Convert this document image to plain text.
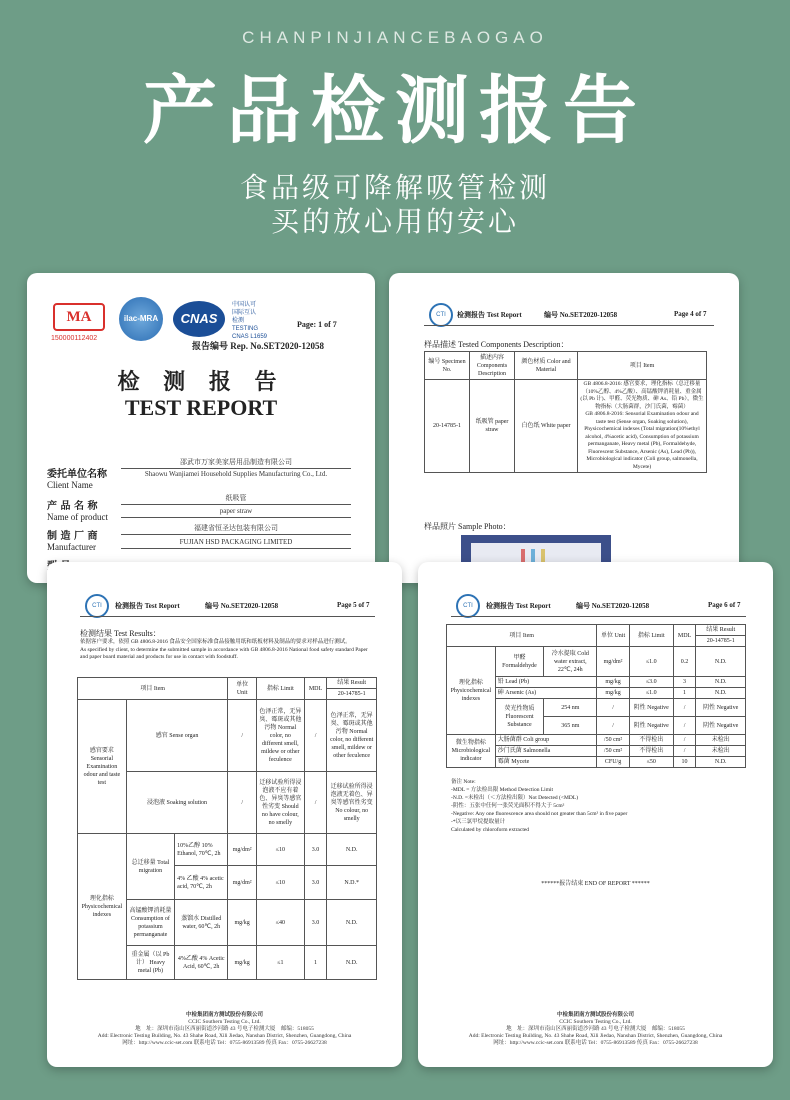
CHANPINJIANCEBAOGAO
产品检测报告
食品级可降解吸管检测
买的放心用的安心
MA
150000112402
ilac-MRA	CNAS
中国认可
国际互认
检测
TESTING
CNAS L1659
Page: 1 of 7
报告编号 Rep. No.SET2020-12058
检 测 报 告
TEST REPORT
委托单位名称
Client Name
邵武市万家美家居用品制造有限公司
Shaowu Wanjiamei Household Supplies Manufacturing Co., Ltd.
产 品 名 称
Name of product
纸吸管
paper straw
制 造 厂 商
Manufacturer
福建省恒圣达包装有限公司
FUJIAN HSD PACKAGING LIMITED
CTI	检测报告 Test Report	编号 No.SET2020-12058	Page 4 of 7
样品描述 Tested Components Description：
编号 Specimen No.	描述内容 Components Description	颜色材质 Color and Material	项目 Item
20-14785-1	纸吸管 paper straw	白色纸 White paper	GB 4806.8-2016: 感官要求，理化指标（总迁移量（10%乙醇、4%乙酸）、高锰酸钾消耗量、重金属(以 Pb 计)、甲醛、荧光物质、砷 As、铅 Pb），微生物指标（大肠菌群，沙门氏菌，霉菌）
GB 4806.8-2016: Sensorial Examination odour and taste test (Sense organ, Soaking solution), Physicochemical indexes (Total migration(10%ethyl alcohol, 4%acetic acid), Consumption of potassium permanganate, Heavy metal (Pb), Formaldehyde, Fluorescent Substance, Arsenic (As), Lead (Pb)), Microbiological indicator (Coli group, salmonella, Mycete)
样品照片 Sample Photo：
CTI	检测报告 Test Report	编号 No.SET2020-12058	Page 5 of 7
检测结果 Test Results：
依据客户要求，依照 GB 4806.8-2016 食品安全国家标准食品接触用纸和纸板材料及制品的要求对样品进行测试。
As specified by client, to determine the submitted sample in accordance with GB 4806.8-2016 National food safety standard Paper and paper board material and products for use in contact with foodstuff.
项目 Item			单位 Unit	指标 Limit	MDL	结果 Result
						20-14785-1
感官要求 Sensorial Examination odour and taste test	感官 Sense organ		/	色泽正常，无异臭、霉斑或其他污物 Normal color, no different smell, mildew or other feculence	/	色泽正常，无异臭、霉斑或其他污物 Normal color, no different smell, mildew or other feculence
	浸泡液 Soaking solution		/	迁移试验所得浸泡液不应有着色、异臭等感官性劣变 Should no have colour, no smelly	/	迁移试验所得浸泡液无着色、异臭等感官性劣变 No colour, no smelly
理化指标 Physicochemical indexes	总迁移量 Total migration	10%乙醇 10% Ethanol, 70℃, 2h	mg/dm²	≤10	3.0	N.D.
		4% 乙酸 4% acetic acid, 70℃, 2h	mg/dm²	≤10	3.0	N.D.*
	高锰酸钾消耗量 Consumption of potassium permanganate	蒸馏水 Distilled water, 60℃, 2h	mg/kg	≤40	3.0	N.D.
	重金属（以 Pb 计） Heavy metal (Pb)	4%乙酸 4% Acetic Acid, 60℃, 2h	mg/kg	≤1	1	N.D.
中检集团南方测试股份有限公司
CCIC Southern Testing Co., Ltd.
地　址：深圳市南山区西丽街道沙河路 43 号电子检测大厦　邮编：518055
Add: Electronic Testing Building, No. 43 Shahe Road, Xili Jiedao, Nanshan District, Shenzhen, Guangdong, China
网址：http://www.ccic-set.com 联系电话 Tel：0755-86913589 传真 Fax：0755-26627238
CTI	检测报告 Test Report	编号 No.SET2020-12058	Page 6 of 7
项目 Item			单位 Unit	指标 Limit	MDL	结果 Result
						20-14785-1
理化指标 Physicochemical indexes	甲醛 Formaldehyde	冷水提取 Cold water extract, 22℃, 24h	mg/dm²	≤1.0	0.2	N.D.
	铅 Lead (Pb)		mg/kg	≤3.0	3	N.D.
	砷 Arsenic (As)		mg/kg	≤1.0	1	N.D.
	荧光性物质 Fluorescent Substance	254 nm	/	阴性 Negative	/	阴性 Negative
		365 nm	/	阴性 Negative	/	阴性 Negative
微生物指标 Microbiological indicator	大肠菌群 Coli group		/50 cm²	不得检出	/	未检出
	沙门氏菌 Salmonella		/50 cm²	不得检出	/	未检出
	霉菌 Mycete		CFU/g	≤50	10	N.D.
备注 Note:
-MDL = 方法检出限 Method Detection Limit
-N.D. =未检出（＜方法检出限）Not Detected (<MDL)
-阴性：五张中任何一张荧光面积不得大于 5cm²
-Negative: Any one fluorescence area should not greater than 5cm² in five paper
-*以三氯甲烷提取量计
Calculated by chloroform extracted
******报告结束 END OF REPORT ******
中检集团南方测试股份有限公司
CCIC Southern Testing Co., Ltd.
地　址：深圳市南山区西丽街道沙河路 43 号电子检测大厦　邮编：518055
Add: Electronic Testing Building, No. 43 Shahe Road, Xili Jiedao, Nanshan District, Shenzhen, Guangdong, China
网址：http://www.ccic-set.com 联系电话 Tel：0755-86913589 传真 Fax：0755-26627238
